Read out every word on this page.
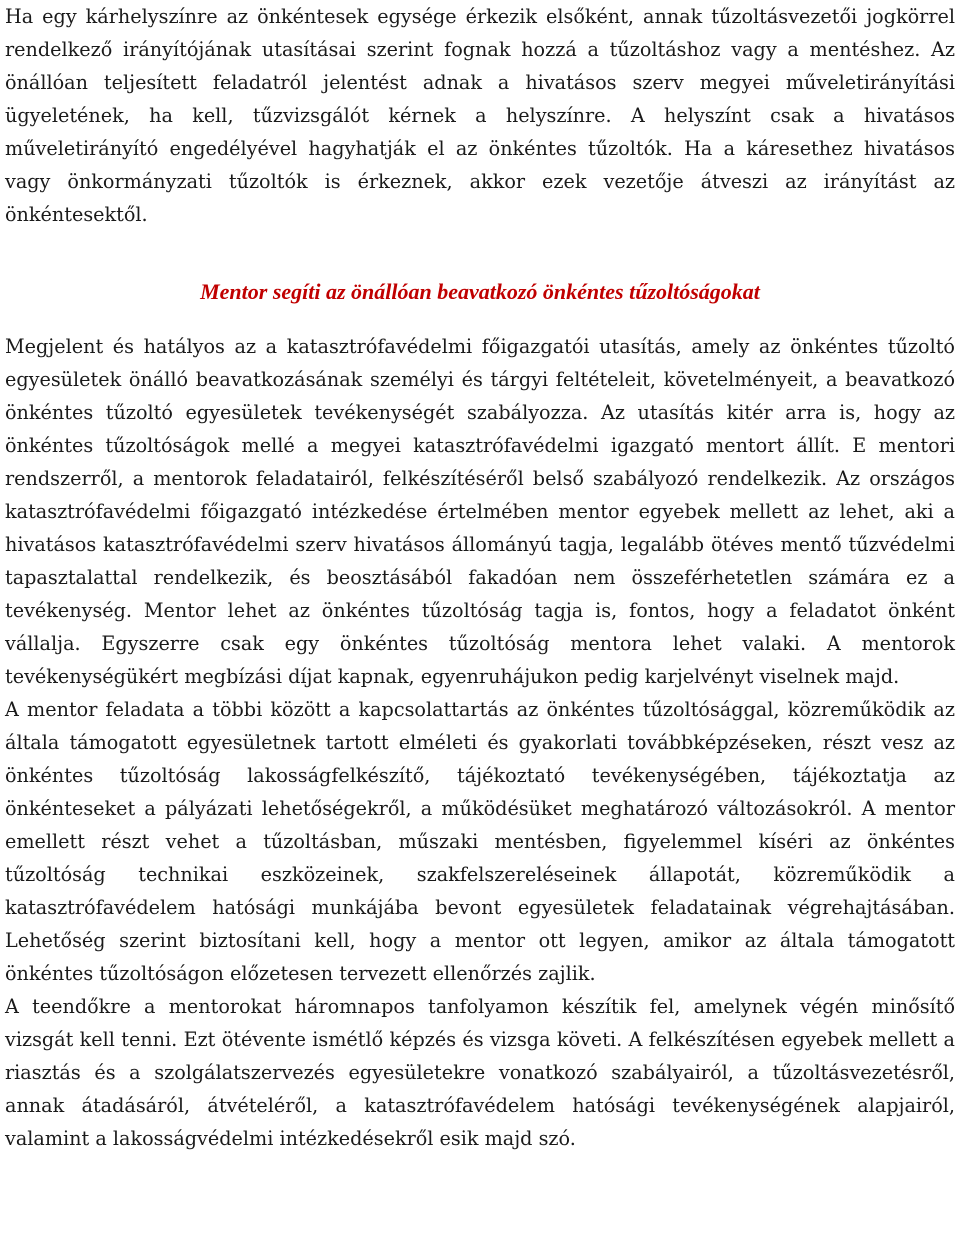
Ha egy kárhelyszínre az önkéntesek egysége érkezik elsőként, annak tűzoltásvezetői jogkörrel rendelkező irányítójának utasításai szerint fognak hozzá a tűzoltáshoz vagy a mentéshez. Az önállóan teljesített feladatról jelentést adnak a hivatásos szerv megyei műveletirányítási ügyeletének, ha kell, tűzvizsgálót kérnek a helyszínre. A helyszínt csak a hivatásos műveletirányító engedélyével hagyhatják el az önkéntes tűzoltók. Ha a káresethez hivatásos vagy önkormányzati tűzoltók is érkeznek, akkor ezek vezetője átveszi az irányítást az önkéntesektől.

Mentor segíti az önállóan beavatkozó önkéntes tűzoltóságokat

Megjelent és hatályos az a katasztrófavédelmi főigazgatói utasítás, amely az önkéntes tűzoltó egyesületek önálló beavatkozásának személyi és tárgyi feltételeit, követelményeit, a beavatkozó önkéntes tűzoltó egyesületek tevékenységét szabályozza. Az utasítás kitér arra is, hogy az önkéntes tűzoltóságok mellé a megyei katasztrófavédelmi igazgató mentort állít. E mentori rendszerről, a mentorok feladatairól, felkészítéséről belső szabályozó rendelkezik. Az országos katasztrófavédelmi főigazgató intézkedése értelmében mentor egyebek mellett az lehet, aki a hivatásos katasztrófavédelmi szerv hivatásos állományú tagja, legalább ötéves mentő tűzvédelmi tapasztalattal rendelkezik, és beosztásából fakadóan nem összeférhetetlen számára ez a tevékenység. Mentor lehet az önkéntes tűzoltóság tagja is, fontos, hogy a feladatot önként vállalja. Egyszerre csak egy önkéntes tűzoltóság mentora lehet valaki. A mentorok tevékenységükért megbízási díjat kapnak, egyenruhájukon pedig karjelvényt viselnek majd.

A mentor feladata a többi között a kapcsolattartás az önkéntes tűzoltósággal, közreműködik az általa támogatott egyesületnek tartott elméleti és gyakorlati továbbképzéseken, részt vesz az önkéntes tűzoltóság lakosságfelkészítő, tájékoztató tevékenységében, tájékoztatja az önkénteseket a pályázati lehetőségekről, a működésüket meghatározó változásokról. A mentor emellett részt vehet a tűzoltásban, műszaki mentésben, figyelemmel kíséri az önkéntes tűzoltóság technikai eszközeinek, szakfelszereléseinek állapotát, közreműködik a katasztrófavédelem hatósági munkájába bevont egyesületek feladatainak végrehajtásában. Lehetőség szerint biztosítani kell, hogy a mentor ott legyen, amikor az általa támogatott önkéntes tűzoltóságon előzetesen tervezett ellenőrzés zajlik.

A teendőkre a mentorokat háromnapos tanfolyamon készítik fel, amelynek végén minősítő vizsgát kell tenni. Ezt ötévente ismétlő képzés és vizsga követi. A felkészítésen egyebek mellett a riasztás és a szolgálatszervezés egyesületekre vonatkozó szabályairól, a tűzoltásvezetésről, annak átadásáról, átvételéről, a katasztrófavédelem hatósági tevékenységének alapjairól, valamint a lakosságvédelmi intézkedésekről esik majd szó.
